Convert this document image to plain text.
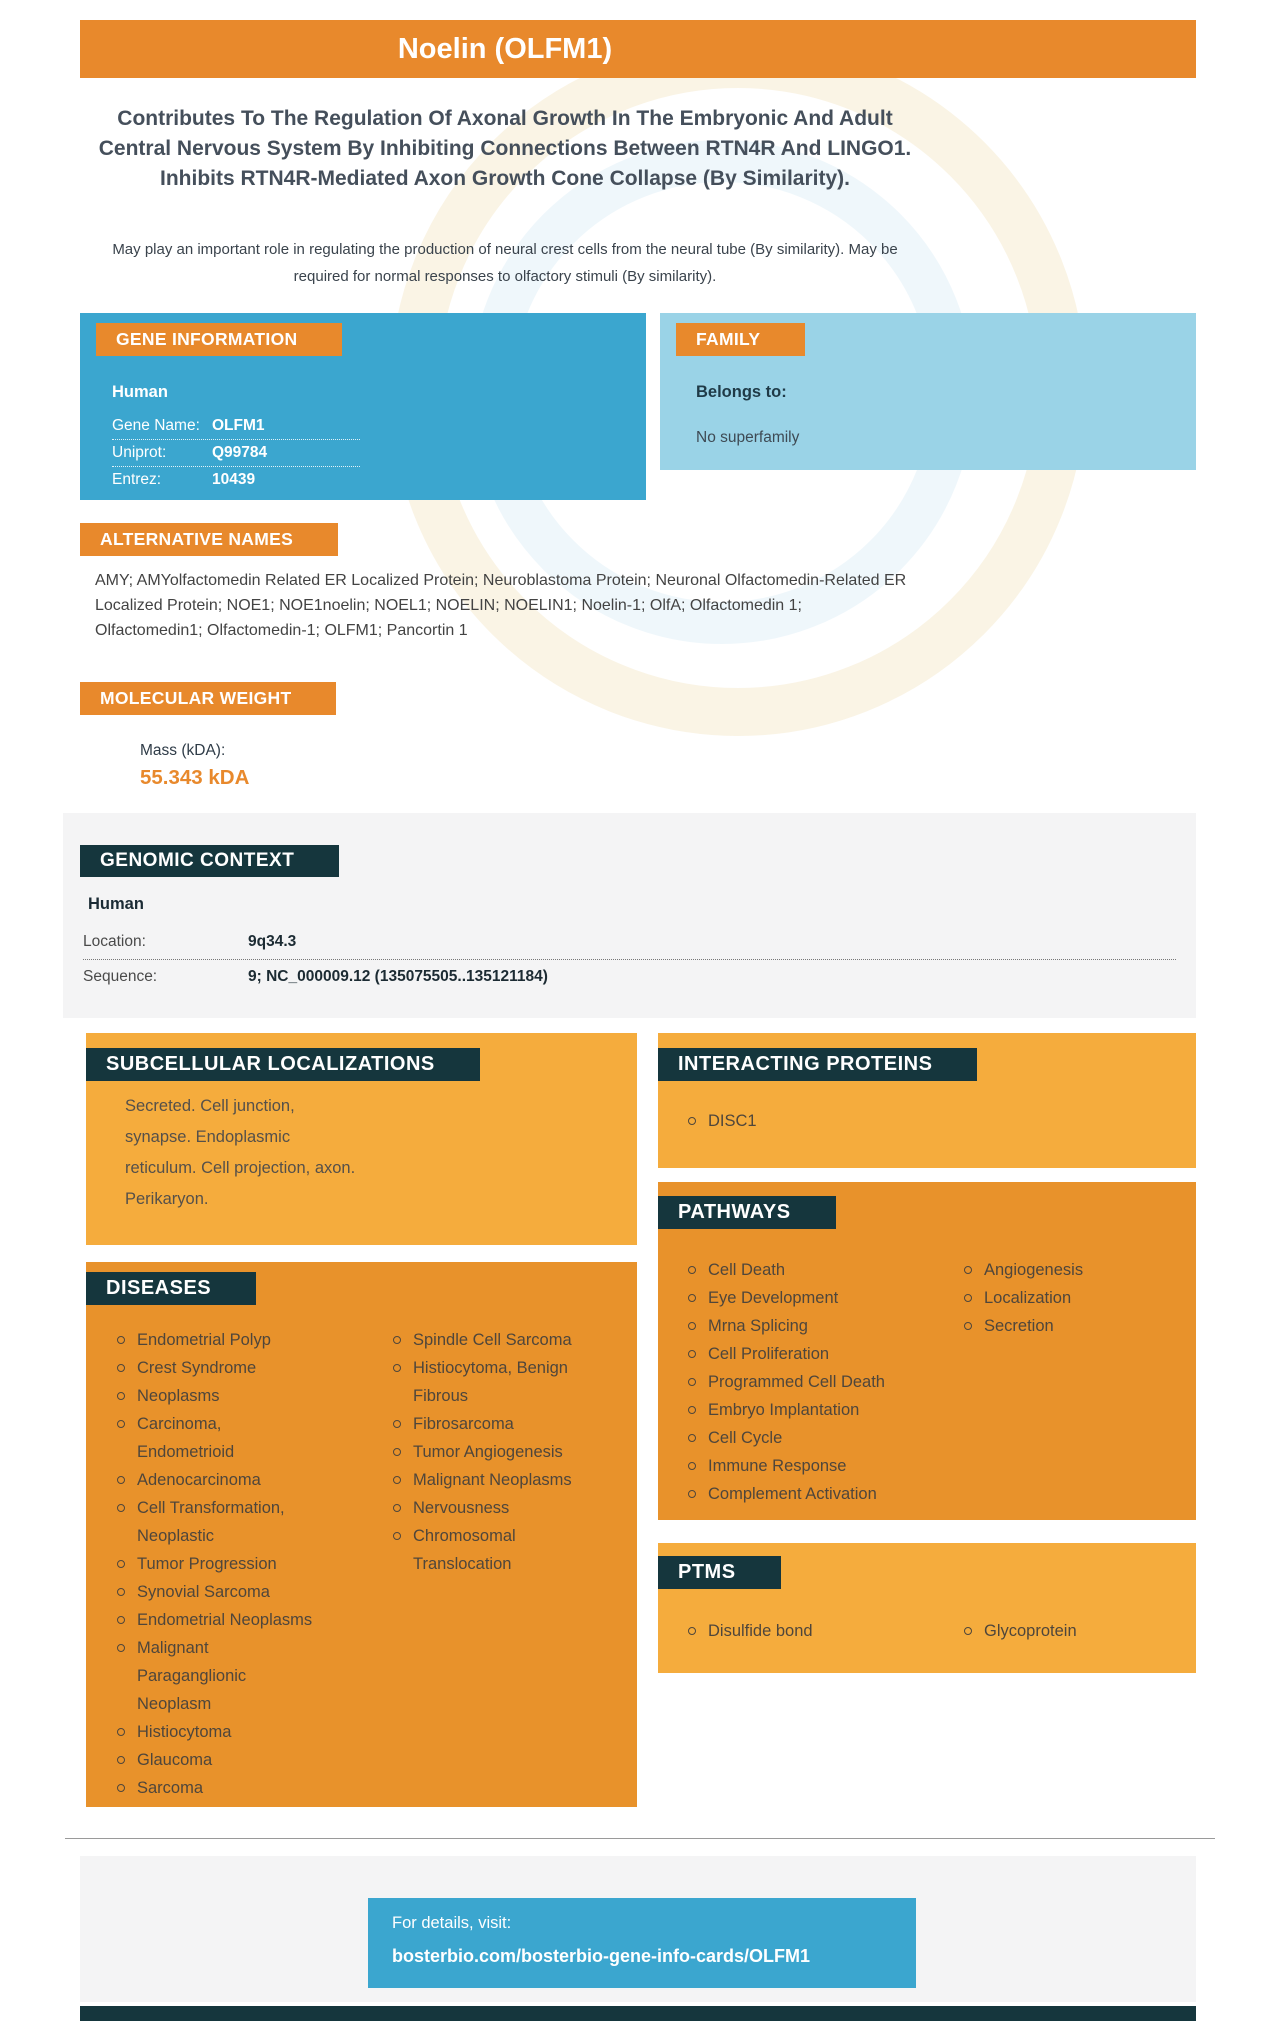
Noelin (OLFM1)
Contributes To The Regulation Of Axonal Growth In The Embryonic And Adult Central Nervous System By Inhibiting Connections Between RTN4R And LINGO1. Inhibits RTN4R-Mediated Axon Growth Cone Collapse (By Similarity).
May play an important role in regulating the production of neural crest cells from the neural tube (By similarity). May be required for normal responses to olfactory stimuli (By similarity).
GENE INFORMATION
Human
Gene Name: OLFM1
Uniprot:	Q99784
Entrez:	10439
FAMILY
Belongs to:
No superfamily
ALTERNATIVE NAMES
AMY; AMYolfactomedin Related ER Localized Protein; Neuroblastoma Protein; Neuronal Olfactomedin-Related ER Localized Protein; NOE1; NOE1noelin; NOEL1; NOELIN; NOELIN1; Noelin-1; OlfA; Olfactomedin 1; Olfactomedin1; Olfactomedin-1; OLFM1; Pancortin 1
MOLECULAR WEIGHT
Mass (kDA):
55.343 kDA
GENOMIC CONTEXT
Human
Location:	9q34.3
Sequence:	9; NC_000009.12 (135075505..135121184)
SUBCELLULAR LOCALIZATIONS
Secreted. Cell junction, synapse. Endoplasmic reticulum. Cell projection, axon. Perikaryon.
INTERACTING PROTEINS
DISC1
PATHWAYS
Cell Death
Eye Development
Mrna Splicing
Cell Proliferation
Programmed Cell Death
Embryo Implantation
Cell Cycle
Immune Response
Complement Activation
Angiogenesis
Localization
Secretion
DISEASES
Endometrial Polyp
Crest Syndrome
Neoplasms
Carcinoma, Endometrioid
Adenocarcinoma
Cell Transformation, Neoplastic
Tumor Progression
Synovial Sarcoma
Endometrial Neoplasms
Malignant Paraganglionic Neoplasm
Histiocytoma
Glaucoma
Sarcoma
Spindle Cell Sarcoma
Histiocytoma, Benign Fibrous
Fibrosarcoma
Tumor Angiogenesis
Malignant Neoplasms
Nervousness
Chromosomal Translocation	PTMS
Disulfide bond	Glycoprotein
For details, visit:
bosterbio.com/bosterbio-gene-info-cards/OLFM1
